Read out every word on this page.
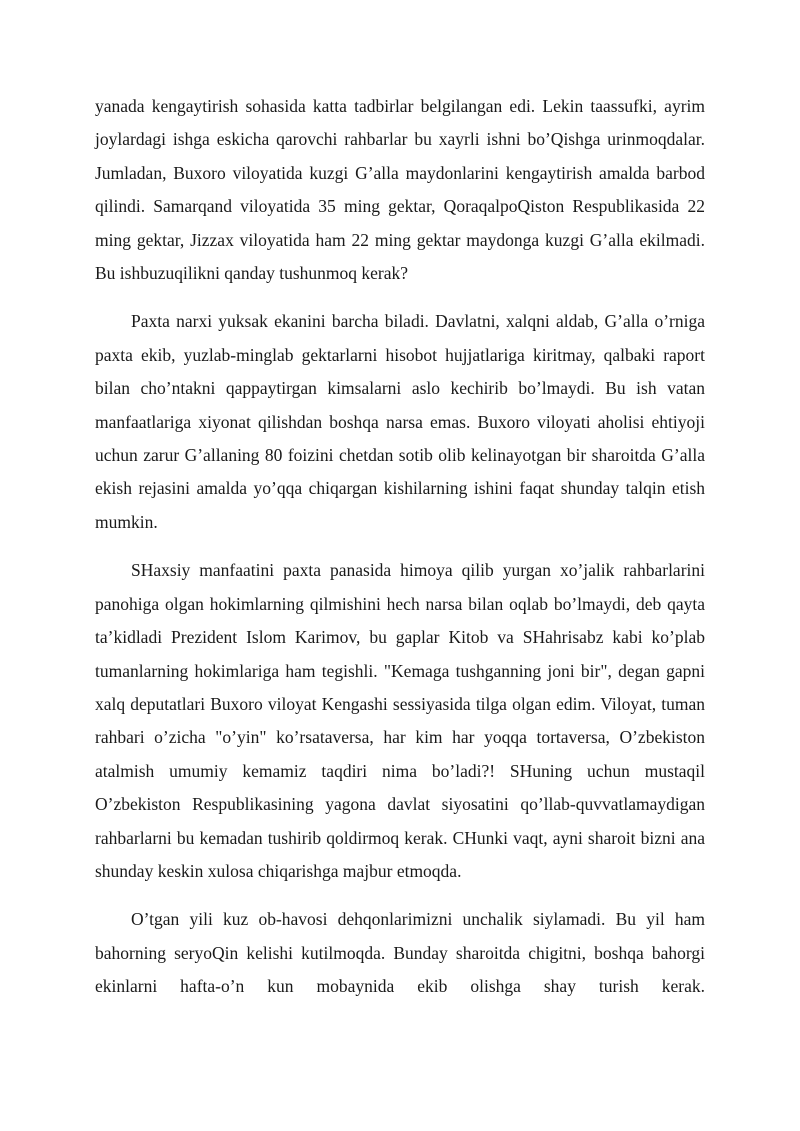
yanada kengaytirish sohasida katta tadbirlar belgilangan edi. Lekin taassufki, ayrim joylardagi ishga eskicha qarovchi rahbarlar bu xayrli ishni bo’Qishga urinmoqdalar. Jumladan, Buxoro viloyatida kuzgi G’alla maydonlarini kengaytirish amalda barbod qilindi. Samarqand viloyatida 35 ming gektar, QoraqalpoQiston Respublikasida 22 ming gektar, Jizzax viloyatida ham 22 ming gektar maydonga kuzgi G’alla ekilmadi. Bu ishbuzuqilikni qanday tushunmoq kerak?

Paxta narxi yuksak ekanini barcha biladi. Davlatni, xalqni aldab, G’alla o’rniga paxta ekib, yuzlab-minglab gektarlarni hisobot hujjatlariga kiritmay, qalbaki raport bilan cho’ntakni qappaytirgan kimsalarni aslo kechirib bo’lmaydi. Bu ish vatan manfaatlariga xiyonat qilishdan boshqa narsa emas. Buxoro viloyati aholisi ehtiyoji uchun zarur G’allaning 80 foizini chetdan sotib olib kelinayotgan bir sharoitda G’alla ekish rejasini amalda yo’qqa chiqargan kishilarning ishini faqat shunday talqin etish mumkin.

SHaxsiy manfaatini paxta panasida himoya qilib yurgan xo’jalik rahbarlarini panohiga olgan hokimlarning qilmishini hech narsa bilan oqlab bo’lmaydi, deb qayta ta’kidladi Prezident Islom Karimov, bu gaplar Kitob va SHahrisabz kabi ko’plab tumanlarning hokimlariga ham tegishli. "Kemaga tushganning joni bir", degan gapni xalq deputatlari Buxoro viloyat Kengashi sessiyasida tilga olgan edim. Viloyat, tuman rahbari o’zicha "o’yin" ko’rsataversa, har kim har yoqqa tortaversa, O’zbekiston atalmish umumiy kemamiz taqdiri nima bo’ladi?! SHuning uchun mustaqil O’zbekiston Respublikasining yagona davlat siyosatini qo’llab-quvvatlamaydigan rahbarlarni bu kemadan tushirib qoldirmoq kerak. CHunki vaqt, ayni sharoit bizni ana shunday keskin xulosa chiqarishga majbur etmoqda.

O’tgan yili kuz ob-havosi dehqonlarimizni unchalik siylamadi. Bu yil ham bahorning seryoQin kelishi kutilmoqda. Bunday sharoitda chigitni, boshqa bahorgi ekinlarni hafta-o’n kun mobaynida ekib olishga shay turish kerak.
